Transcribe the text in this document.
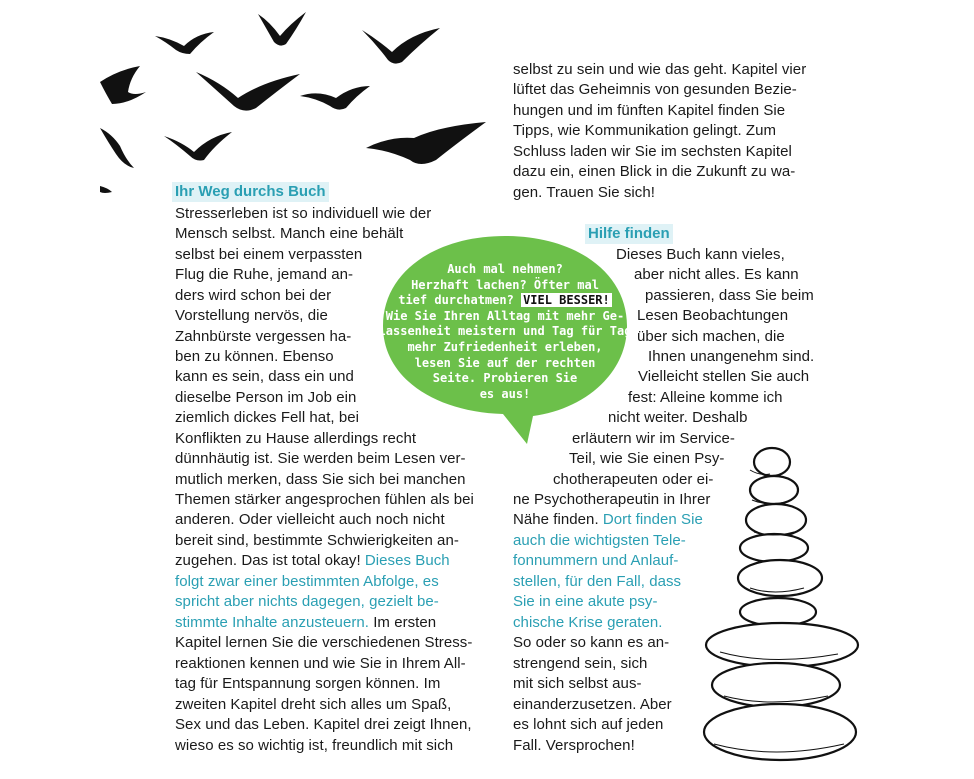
Ihr Weg durchs Buch
Stresserleben ist so individuell wie der
Mensch selbst. Manch eine behält
selbst bei einem verpassten
Flug die Ruhe, jemand an-
ders wird schon bei der
Vorstellung nervös, die
Zahnbürste vergessen ha-
ben zu können. Ebenso
kann es sein, dass ein und
dieselbe Person im Job ein
ziemlich dickes Fell hat, bei
Konflikten zu Hause allerdings recht
dünnhäutig ist. Sie werden beim Lesen ver-
mutlich merken, dass Sie sich bei manchen
Themen stärker angesprochen fühlen als bei
anderen. Oder vielleicht auch noch nicht
bereit sind, bestimmte Schwierigkeiten an-
zugehen. Das ist total okay! Dieses Buch
folgt zwar einer bestimmten Abfolge, es
spricht aber nichts dagegen, gezielt be-
stimmte Inhalte anzusteuern. Im ersten
Kapitel lernen Sie die verschiedenen Stress-
reaktionen kennen und wie Sie in Ihrem All-
tag für Entspannung sorgen können. Im
zweiten Kapitel dreht sich alles um Spaß,
Sex und das Leben. Kapitel drei zeigt Ihnen,
wieso es so wichtig ist, freundlich mit sich
selbst zu sein und wie das geht. Kapitel vier
lüftet das Geheimnis von gesunden Bezie-
hungen und im fünften Kapitel finden Sie
Tipps, wie Kommunikation gelingt. Zum
Schluss laden wir Sie im sechsten Kapitel
dazu ein, einen Blick in die Zukunft zu wa-
gen. Trauen Sie sich!
Hilfe finden
Auch mal nehmen?
Herzhaft lachen? Öfter mal
tief durchatmen? VIEL BESSER!
Wie Sie Ihren Alltag mit mehr Ge-
lassenheit meistern und Tag für Tag
mehr Zufriedenheit erleben,
lesen Sie auf der rechten
Seite. Probieren Sie
es aus!
Dieses Buch kann vieles,
aber nicht alles. Es kann
passieren, dass Sie beim
Lesen Beobachtungen
über sich machen, die
Ihnen unangenehm sind.
Vielleicht stellen Sie auch
fest: Alleine komme ich
nicht weiter. Deshalb
erläutern wir im Service-
Teil, wie Sie einen Psy-
chotherapeuten oder ei-
ne Psychotherapeutin in Ihrer
Nähe finden. Dort finden Sie
auch die wichtigsten Tele-
fonnummern und Anlauf-
stellen, für den Fall, dass
Sie in eine akute psy-
chische Krise geraten.
So oder so kann es an-
strengend sein, sich
mit sich selbst aus-
einanderzusetzen. Aber
es lohnt sich auf jeden
Fall. Versprochen!
